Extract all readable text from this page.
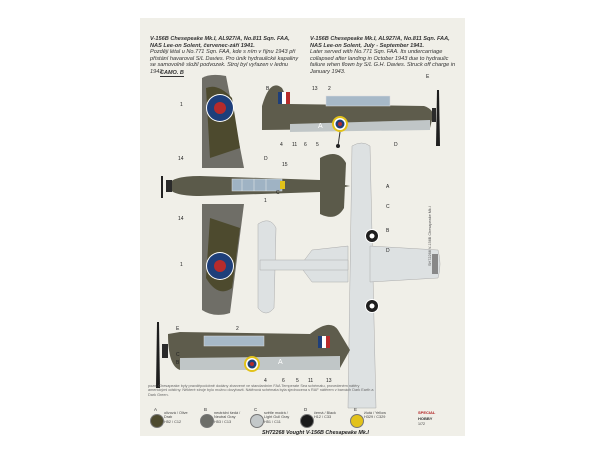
V-156B Chesepeake Mk.I, AL927/A, No.811 Sqn. FAA, NAS Lee-on Solent, červenec-září 1941.
Později létal u No.771 Sqn. FAA, kde s ním v říjnu 1943 při přistání havaroval S/L Davies. Pro únik hydraulické kapaliny se samovolně složil podvozek. Stroj byl vyřazen v lednu 1943.
V-156B Chesepeake Mk.I, AL927/A, No.811 Sqn. FAA, NAS Lee-on Solent, July - September 1941.
Later served with No.771 Sqn. FAA. Its undercarriage collapsed after landing in October 1943 due to hydraulic failure when flown by S/L G.H. Davies. Struck off charge in January 1943.
CAMO. B
A
A
1
1
14	D
15
14
1
C
E
B	13 2
4 11	D
6 5
A
C
B
D
E
C
B
2
4	6 5 11	13
SH72268 V-156B Chesapeake Mk.I
pozn. Chesapeake byly pravděpodobně dodány zbarvené ve standardním FAA Temperate Sea schématu, provedeném nátěry americkými odstíny. Některé stroje bylo možno dovybavit. Nátěrová schémata byla sjednocena s RAF nátěrem v barvách Dark Earth a Dark Green.
A
olivová / Olive Drab
H52 / C12
B
neutrální šedá / Neutral Gray
H53 / C13
C
světle modrá / Light Gull Gray
H51 / C11
D
černá / Black
H12 / C33
E
žlutá / Yellow
H329 / C329
SPECIAL
HOBBY
1/72
SH72268 Vought V-156B Chesapeake Mk.I
